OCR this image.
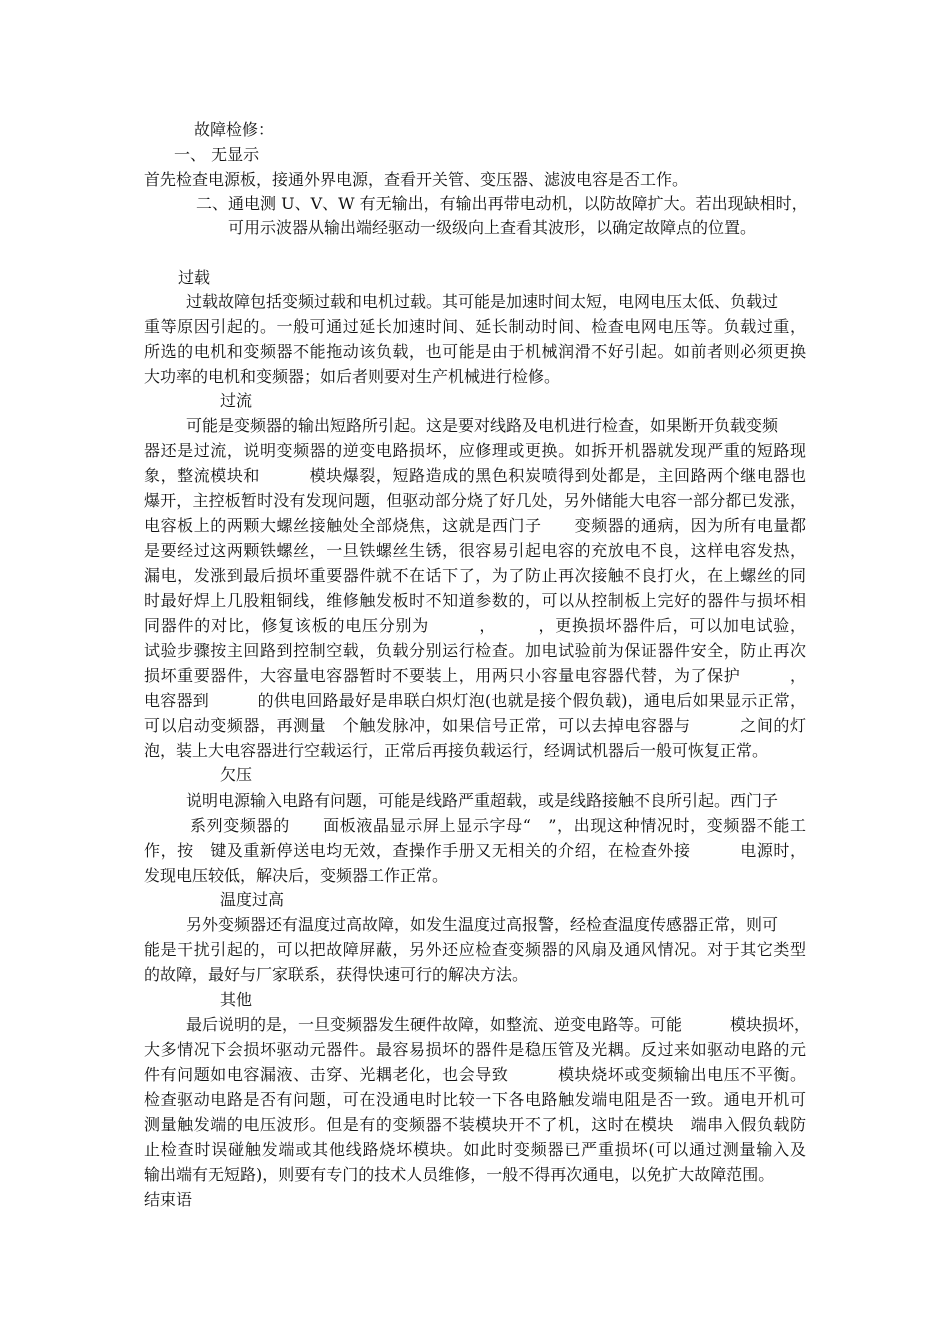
故障检修：
一、 无显示
首先检查电源板，接通外界电源，查看开关管、变压器、滤波电容是否工作。
二、通电测 U、V、W 有无输出，有输出再带电动机，以防故障扩大。若出现缺相时，
可用示波器从输出端经驱动一级级向上查看其波形，以确定故障点的位置。
过载
过载故障包括变频过载和电机过载。其可能是加速时间太短，电网电压太低、负载过
重等原因引起的。一般可通过延长加速时间、延长制动时间、检查电网电压等。负载过重，
所选的电机和变频器不能拖动该负载，也可能是由于机械润滑不好引起。如前者则必须更换
大功率的电机和变频器；如后者则要对生产机械进行检修。
过流
可能是变频器的输出短路所引起。这是要对线路及电机进行检查，如果断开负载变频
器还是过流，说明变频器的逆变电路损坏，应修理或更换。如拆开机器就发现严重的短路现
象，整流模块和　　　模块爆裂，短路造成的黑色积炭喷得到处都是，主回路两个继电器也
爆开，主控板暂时没有发现问题，但驱动部分烧了好几处，另外储能大电容一部分都已发涨，
电容板上的两颗大螺丝接触处全部烧焦，这就是西门子　　变频器的通病，因为所有电量都
是要经过这两颗铁螺丝，一旦铁螺丝生锈，很容易引起电容的充放电不良，这样电容发热，
漏电，发涨到最后损坏重要器件就不在话下了，为了防止再次接触不良打火，在上螺丝的同
时最好焊上几股粗铜线，维修触发板时不知道参数的，可以从控制板上完好的器件与损坏相
同器件的对比，修复该板的电压分别为　　　，　　　，更换损坏器件后，可以加电试验，
试验步骤按主回路到控制空载，负载分别运行检查。加电试验前为保证器件安全，防止再次
损坏重要器件，大容量电容器暂时不要装上，用两只小容量电容器代替，为了保护　　　，
电容器到　　　的供电回路最好是串联白炽灯泡(也就是接个假负载)，通电后如果显示正常，
可以启动变频器，再测量　个触发脉冲，如果信号正常，可以去掉电容器与　　　之间的灯
泡，装上大电容器进行空载运行，正常后再接负载运行，经调试机器后一般可恢复正常。
欠压
说明电源输入电路有问题，可能是线路严重超载，或是线路接触不良所引起。西门子
系列变频器的　　面板液晶显示屏上显示字母“　”，出现这种情况时，变频器不能工
作，按　键及重新停送电均无效，查操作手册又无相关的介绍，在检查外接　　　电源时，
发现电压较低，解决后，变频器工作正常。
温度过高
另外变频器还有温度过高故障，如发生温度过高报警，经检查温度传感器正常，则可
能是干扰引起的，可以把故障屏蔽，另外还应检查变频器的风扇及通风情况。对于其它类型
的故障，最好与厂家联系，获得快速可行的解决方法。
其他
最后说明的是，一旦变频器发生硬件故障，如整流、逆变电路等。可能　　　模块损坏，
大多情况下会损坏驱动元器件。最容易损坏的器件是稳压管及光耦。反过来如驱动电路的元
件有问题如电容漏液、击穿、光耦老化，也会导致　　　模块烧坏或变频输出电压不平衡。
检查驱动电路是否有问题，可在没通电时比较一下各电路触发端电阻是否一致。通电开机可
测量触发端的电压波形。但是有的变频器不装模块开不了机，这时在模块　端串入假负载防
止检查时误碰触发端或其他线路烧坏模块。如此时变频器已严重损坏(可以通过测量输入及
输出端有无短路)，则要有专门的技术人员维修，一般不得再次通电，以免扩大故障范围。
结束语
